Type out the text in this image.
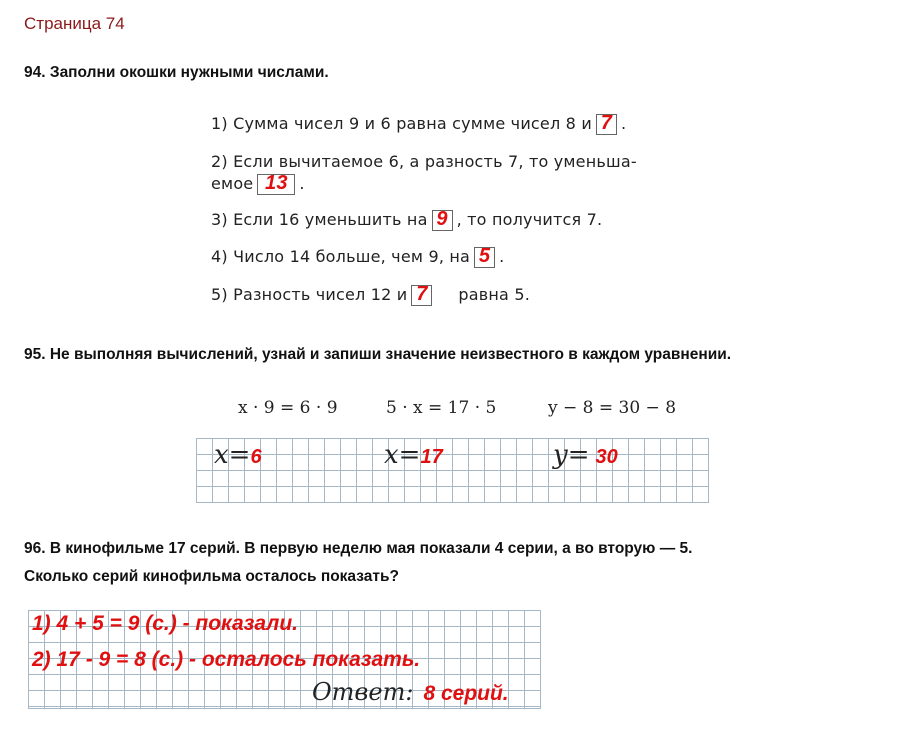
Страница 74
94. Заполни окошки нужными числами.
1) Сумма чисел 9 и 6 равна сумме чисел 8 и 7 .
2) Если вычитаемое 6, а разность 7, то уменьша-
емое 13 .
3) Если 16 уменьшить на 9 , то получится 7.
4) Число 14 больше, чем 9, на 5 .
5) Разность чисел 12 и 7 равна 5.
95. Не выполняя вычислений, узнай и запиши значение неизвестного в каждом уравнении.
x · 9 = 6 · 9	5 · x = 17 · 5	y − 8 = 30 − 8
x=6	x=17	y= 30
96. В кинофильме 17 серий. В первую неделю мая показали 4 серии, а во вторую — 5.
Сколько серий кинофильма осталось показать?
1) 4 + 5 = 9 (с.) - показали.
2) 17 - 9 = 8 (с.) - осталось показать.
Ответ: 8 серий.
